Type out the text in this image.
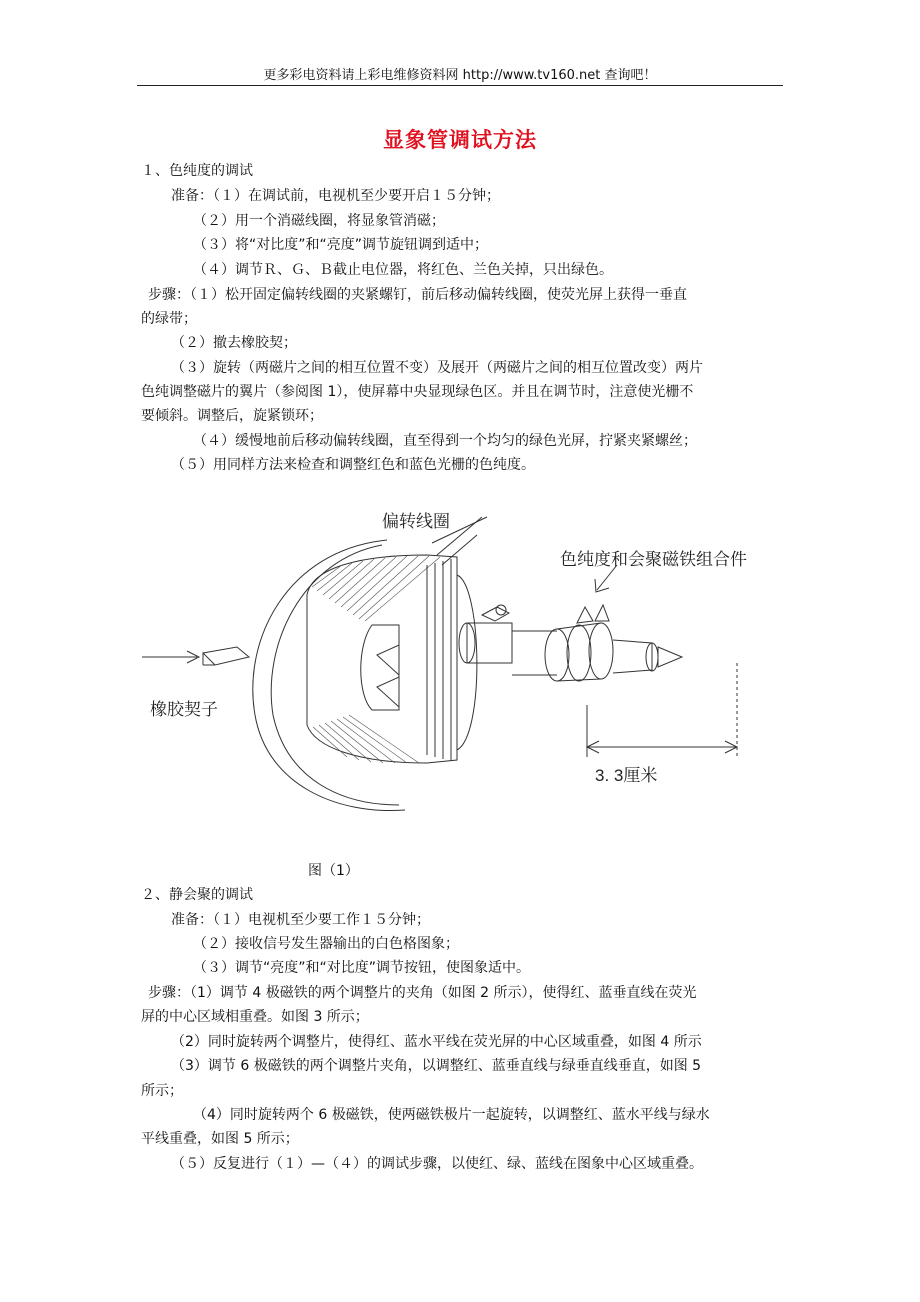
更多彩电资料请上彩电维修资料网 http://www.tv160.net 查询吧！
显象管调试方法
１、色纯度的调试
准备：（１）在调试前，电视机至少要开启１５分钟；
（２）用一个消磁线圈，将显象管消磁；
（３）将“对比度”和“亮度”调节旋钮调到适中；
（４）调节Ｒ、Ｇ、Ｂ截止电位器，将红色、兰色关掉，只出绿色。
步骤：（１）松开固定偏转线圈的夹紧螺钉，前后移动偏转线圈，使荧光屏上获得一垂直
的绿带；
（２）撤去橡胶契；
（３）旋转（两磁片之间的相互位置不变）及展开（两磁片之间的相互位置改变）两片
色纯调整磁片的翼片（参阅图 1），使屏幕中央显现绿色区。并且在调节时，注意使光栅不
要倾斜。调整后，旋紧锁环；
（４）缓慢地前后移动偏转线圈，直至得到一个均匀的绿色光屏，拧紧夹紧螺丝；
（５）用同样方法来检查和调整红色和蓝色光栅的色纯度。
偏转线圈
色纯度和会聚磁铁组合件
橡胶契子
3. 3厘米
图（1）
２、静会聚的调试
准备：（１）电视机至少要工作１５分钟；
（２）接收信号发生器输出的白色格图象；
（３）调节“亮度”和“对比度”调节按钮，使图象适中。
步骤：（1）调节 4 极磁铁的两个调整片的夹角（如图 2 所示），使得红、蓝垂直线在荧光
屏的中心区域相重叠。如图 3 所示；
（2）同时旋转两个调整片，使得红、蓝水平线在荧光屏的中心区域重叠，如图 4 所示
（3）调节 6 极磁铁的两个调整片夹角，以调整红、蓝垂直线与绿垂直线垂直，如图 5
所示；
（4）同时旋转两个 6 极磁铁，使两磁铁极片一起旋转，以调整红、蓝水平线与绿水
平线重叠，如图 5 所示；
（５）反复进行（１）—（４）的调试步骤，以使红、绿、蓝线在图象中心区域重叠。
